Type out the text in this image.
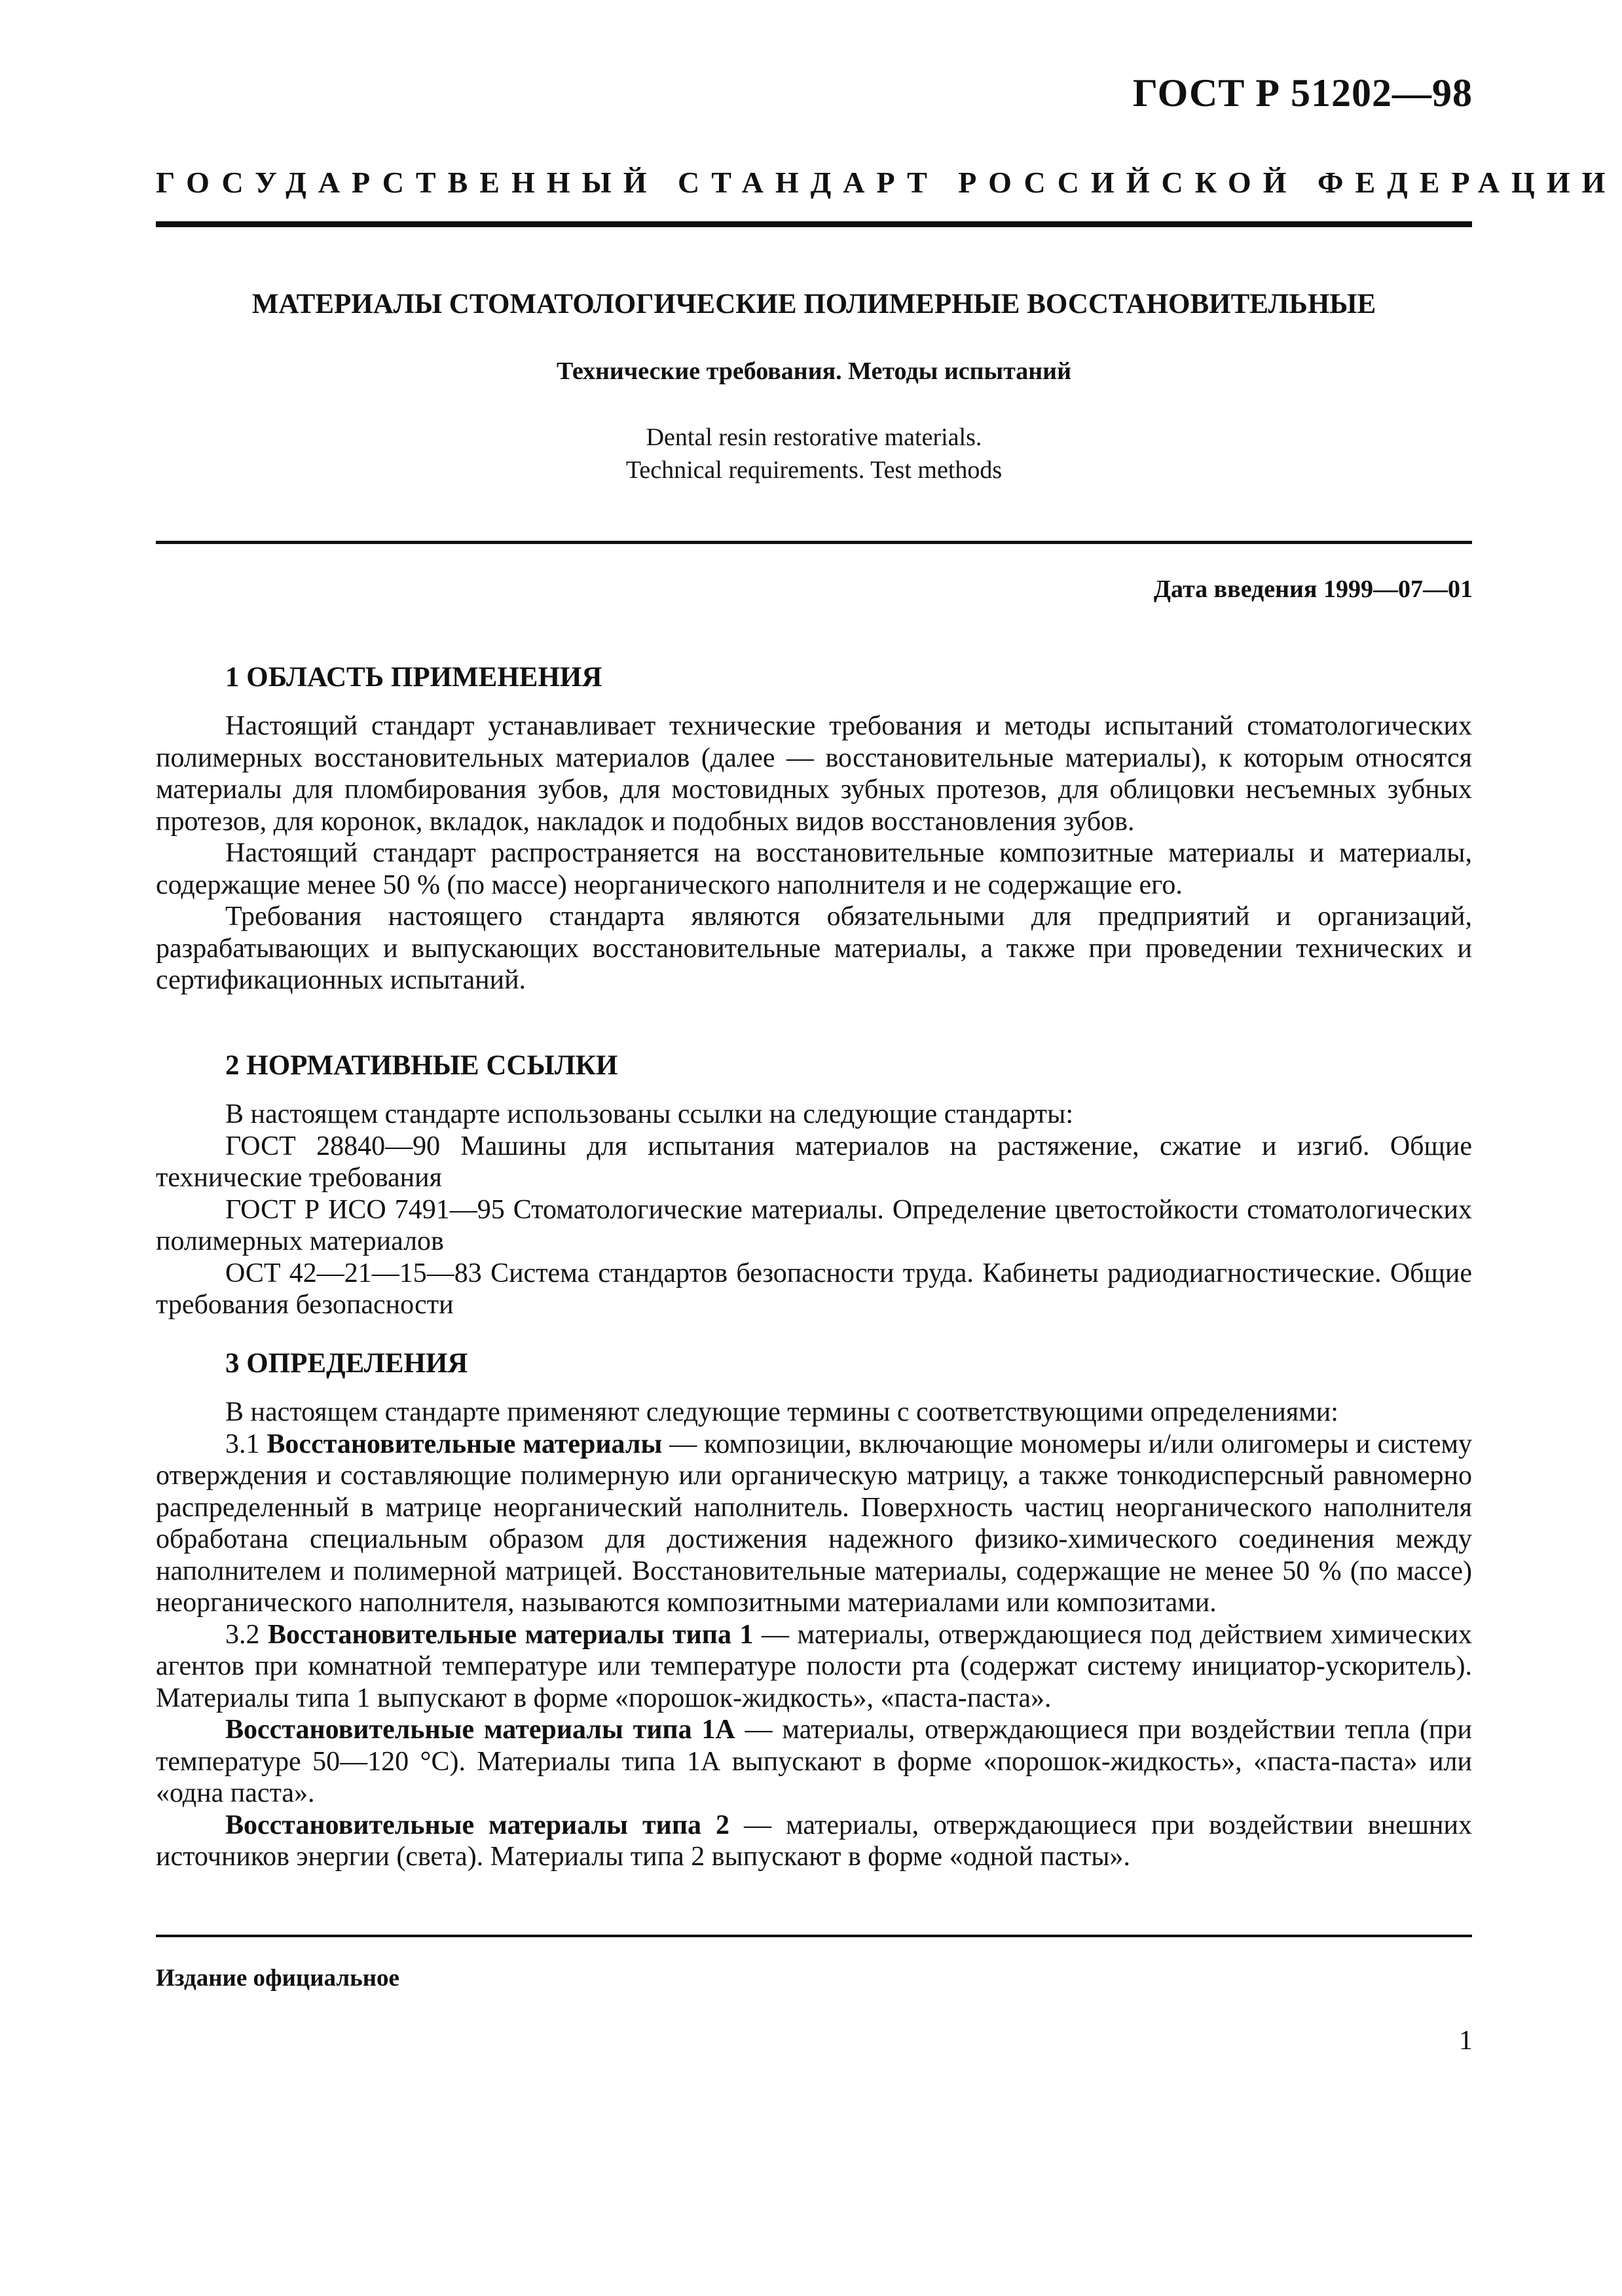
ГОСТ Р 51202—98
ГОСУДАРСТВЕННЫЙ СТАНДАРТ РОССИЙСКОЙ ФЕДЕРАЦИИ
МАТЕРИАЛЫ СТОМАТОЛОГИЧЕСКИЕ ПОЛИМЕРНЫЕ ВОССТАНОВИТЕЛЬНЫЕ
Технические требования. Методы испытаний
Dental resin restorative materials.
Technical requirements. Test methods
Дата введения 1999—07—01
1 ОБЛАСТЬ ПРИМЕНЕНИЯ

Настоящий стандарт устанавливает технические требования и методы испытаний стоматологических полимерных восстановительных материалов (далее — восстановительные материалы), к которым относятся материалы для пломбирования зубов, для мостовидных зубных протезов, для облицовки несъемных зубных протезов, для коронок, вкладок, накладок и подобных видов восстановления зубов.

Настоящий стандарт распространяется на восстановительные композитные материалы и материалы, содержащие менее 50 % (по массе) неорганического наполнителя и не содержащие его.

Требования настоящего стандарта являются обязательными для предприятий и организаций, разрабатывающих и выпускающих восстановительные материалы, а также при проведении технических и сертификационных испытаний.

2 НОРМАТИВНЫЕ ССЫЛКИ

В настоящем стандарте использованы ссылки на следующие стандарты:

ГОСТ 28840—90 Машины для испытания материалов на растяжение, сжатие и изгиб. Общие технические требования

ГОСТ Р ИСО 7491—95 Стоматологические материалы. Определение цветостойкости стоматологических полимерных материалов

ОСТ 42—21—15—83 Система стандартов безопасности труда. Кабинеты радиодиагностические. Общие требования безопасности

3 ОПРЕДЕЛЕНИЯ

В настоящем стандарте применяют следующие термины с соответствующими определениями:

3.1 Восстановительные материалы — композиции, включающие мономеры и/или олигомеры и систему отверждения и составляющие полимерную или органическую матрицу, а также тонкодисперсный равномерно распределенный в матрице неорганический наполнитель. Поверхность частиц неорганического наполнителя обработана специальным образом для достижения надежного физико-химического соединения между наполнителем и полимерной матрицей. Восстановительные материалы, содержащие не менее 50 % (по массе) неорганического наполнителя, называются композитными материалами или композитами.

3.2 Восстановительные материалы типа 1 — материалы, отверждающиеся под действием химических агентов при комнатной температуре или температуре полости рта (содержат систему инициатор-ускоритель). Материалы типа 1 выпускают в форме «порошок-жидкость», «паста-паста».

Восстановительные материалы типа 1А — материалы, отверждающиеся при воздействии тепла (при температуре 50—120 °С). Материалы типа 1А выпускают в форме «порошок-жидкость», «паста-паста» или «одна паста».

Восстановительные материалы типа 2 — материалы, отверждающиеся при воздействии внешних источников энергии (света). Материалы типа 2 выпускают в форме «одной пасты».

Издание официальное
1
